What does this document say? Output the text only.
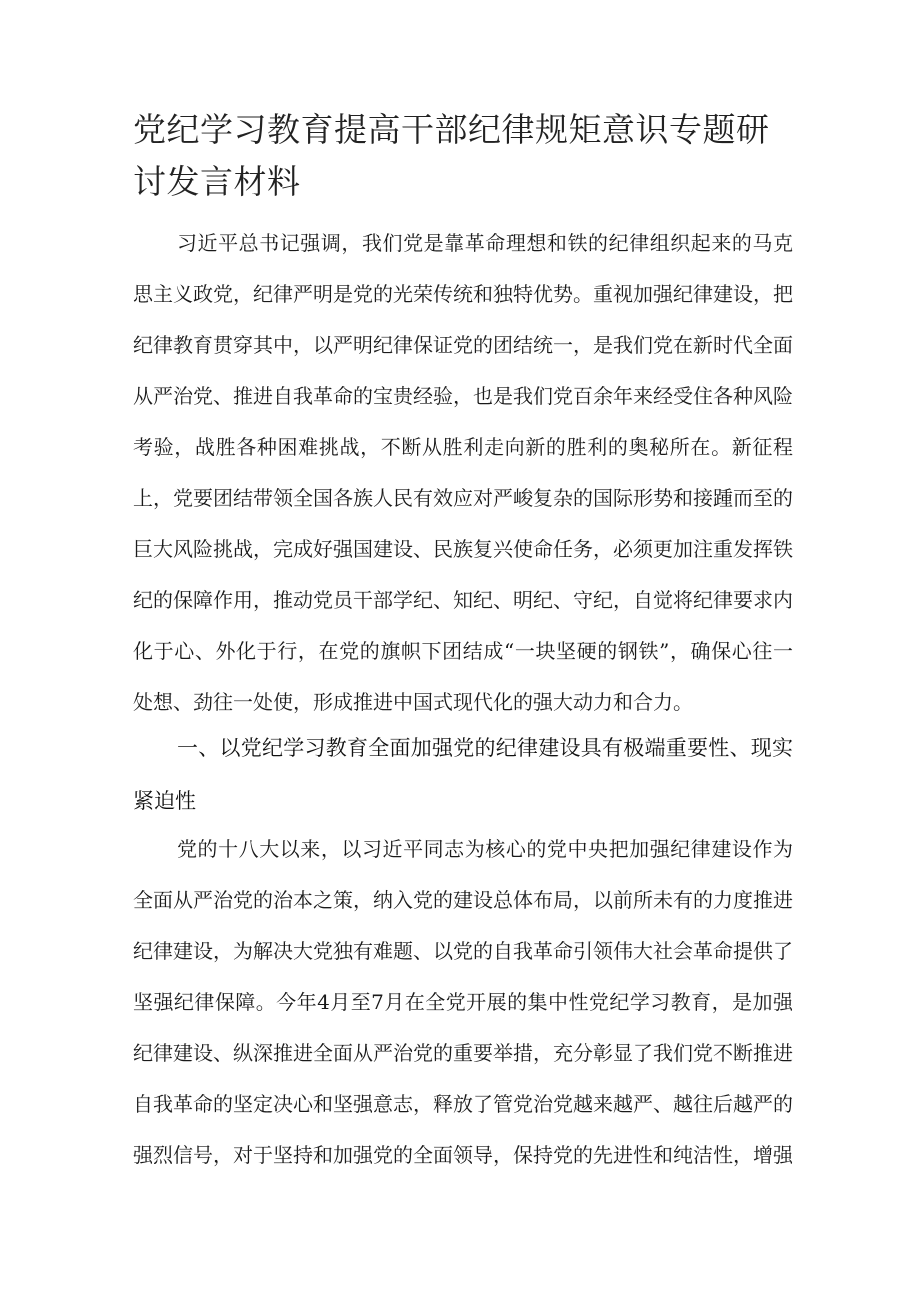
党纪学习教育提高干部纪律规矩意识专题研讨发言材料

习近平总书记强调，我们党是靠革命理想和铁的纪律组织起来的马克思主义政党，纪律严明是党的光荣传统和独特优势。重视加强纪律建设，把纪律教育贯穿其中，以严明纪律保证党的团结统一，是我们党在新时代全面从严治党、推进自我革命的宝贵经验，也是我们党百余年来经受住各种风险考验，战胜各种困难挑战，不断从胜利走向新的胜利的奥秘所在。新征程上，党要团结带领全国各族人民有效应对严峻复杂的国际形势和接踵而至的巨大风险挑战，完成好强国建设、民族复兴使命任务，必须更加注重发挥铁纪的保障作用，推动党员干部学纪、知纪、明纪、守纪，自觉将纪律要求内化于心、外化于行，在党的旗帜下团结成“一块坚硬的钢铁”，确保心往一处想、劲往一处使，形成推进中国式现代化的强大动力和合力。

一、以党纪学习教育全面加强党的纪律建设具有极端重要性、现实紧迫性

党的十八大以来，以习近平同志为核心的党中央把加强纪律建设作为全面从严治党的治本之策，纳入党的建设总体布局，以前所未有的力度推进纪律建设，为解决大党独有难题、以党的自我革命引领伟大社会革命提供了坚强纪律保障。今年4月至7月在全党开展的集中性党纪学习教育，是加强纪律建设、纵深推进全面从严治党的重要举措，充分彰显了我们党不断推进自我革命的坚定决心和坚强意志，释放了管党治党越来越严、越往后越严的强烈信号，对于坚持和加强党的全面领导，保持党的先进性和纯洁性，增强
